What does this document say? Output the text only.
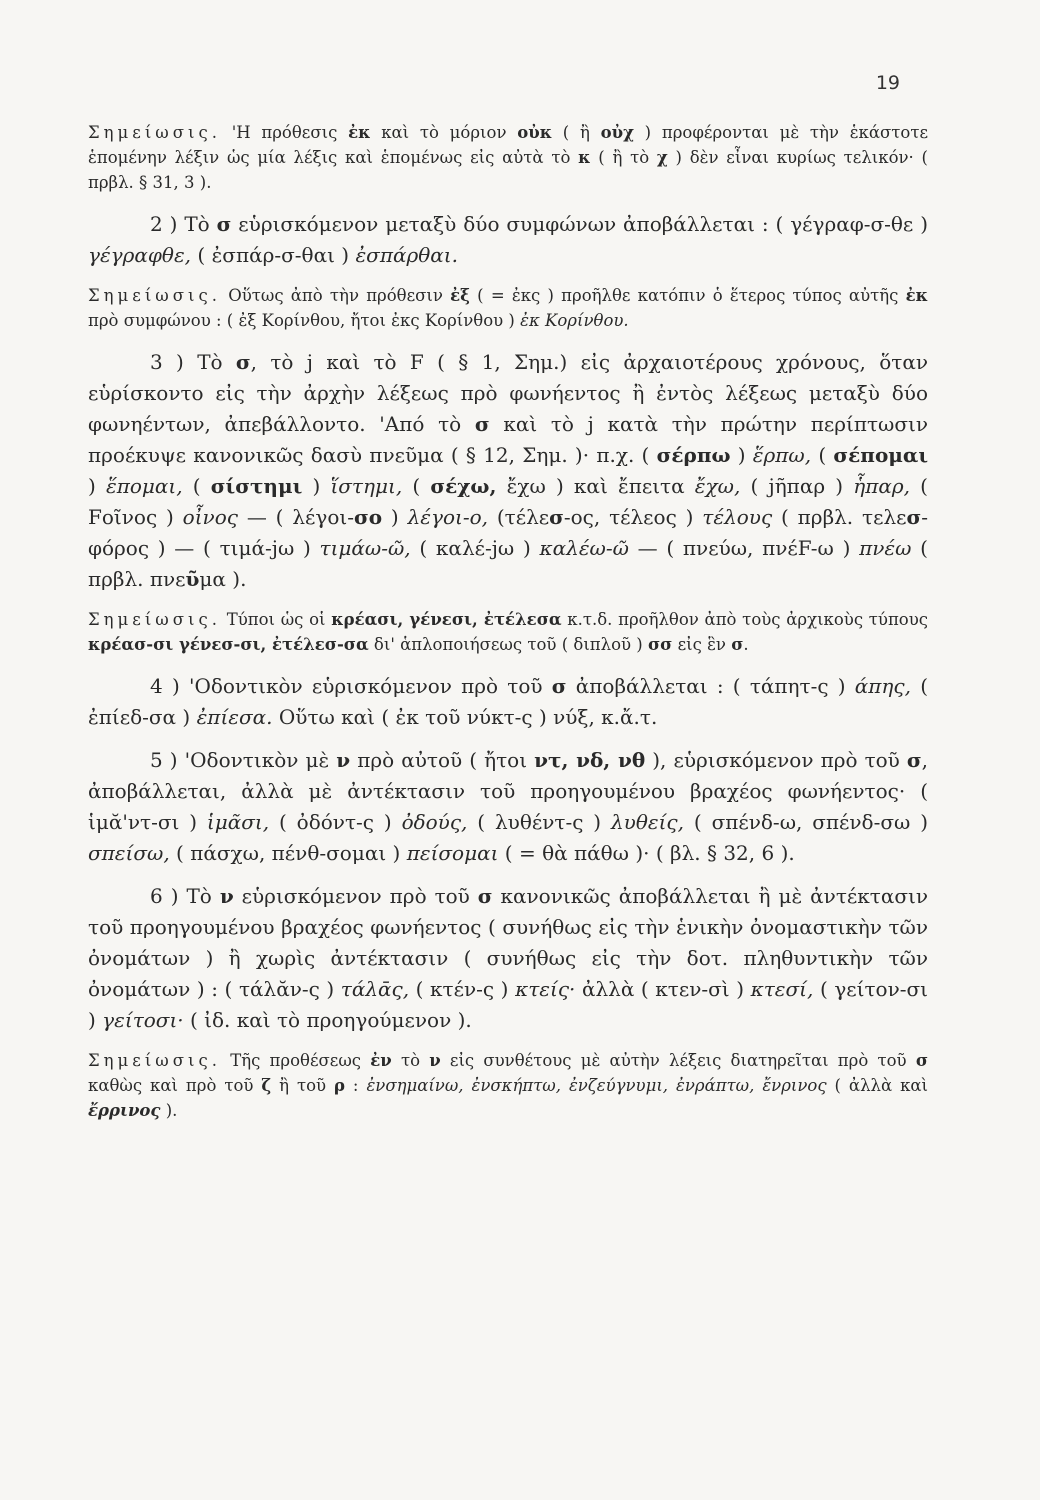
19

Σημείωσις. 'Η πρόθεσις ἐκ καὶ τὸ μόριον οὐκ ( ἢ οὐχ ) προφέρονται μὲ τὴν ἑκάστοτε ἑπομένην λέξιν ὡς μία λέξις καὶ ἑπομένως εἰς αὐτὰ τὸ κ ( ἢ τὸ χ ) δὲν εἶναι κυρίως τελικόν· ( πρβλ. § 31, 3 ).

2 ) Τὸ σ εὑρισκόμενον μεταξὺ δύο συμφώνων ἀποβάλλεται : ( γέγραφ-σ-θε ) γέγραφθε, ( ἐσπάρ-σ-θαι ) ἐσπάρθαι.

Σημείωσις. Οὕτως ἀπὸ τὴν πρόθεσιν ἐξ ( = ἐκς ) προῆλθε κατόπιν ὁ ἕτερος τύπος αὐτῆς ἐκ πρὸ συμφώνου : ( ἐξ Κορίνθου, ἤτοι ἐκς Κορίνθου ) ἐκ Κορίνθου.

3 ) Τὸ σ, τὸ j καὶ τὸ F ( § 1, Σημ.) εἰς ἀρχαιοτέρους χρόνους, ὅταν εὑρίσκοντο εἰς τὴν ἀρχὴν λέξεως πρὸ φωνήεντος ἢ ἐντὸς λέξεως μεταξὺ δύο φωνηέντων, ἀπεβάλλοντο. 'Από τὸ σ καὶ τὸ j κατὰ τὴν πρώτην περίπτωσιν προέκυψε κανονικῶς δασὺ πνεῦμα ( § 12, Σημ. )· π.χ. ( σέρπω ) ἕρπω, ( σέπομαι ) ἕπομαι, ( σίστημι ) ἵστημι, ( σέχω, ἔχω ) καὶ ἔπειτα ἔχω, ( jῆπαρ ) ἧπαρ, ( Fοῖνος ) οἶνος — ( λέγοι-σο ) λέγοι-ο, (τέλεσ-ος, τέλεος ) τέλους ( πρβλ. τελεσ-φόρος ) — ( τιμά-jω ) τιμάω-ῶ, ( καλέ-jω ) καλέω-ῶ — ( πνεύω, πνέF-ω ) πνέω ( πρβλ. πνεῦμα ).

Σημείωσις. Τύποι ὡς οἱ κρέασι, γένεσι, ἐτέλεσα κ.τ.δ. προῆλθον ἀπὸ τοὺς ἀρχικοὺς τύπους κρέασ-σι γένεσ-σι, ἐτέλεσ-σα δι' ἁπλοποιήσεως τοῦ ( διπλοῦ ) σσ εἰς ἓν σ.

4 ) 'Οδοντικὸν εὑρισκόμενον πρὸ τοῦ σ ἀποβάλλεται : ( τάπητ-ς ) άπης, ( ἐπίεδ-σα ) ἐπίεσα. Οὕτω καὶ ( ἐκ τοῦ νύκτ-ς ) νύξ, κ.ἄ.τ.

5 ) 'Οδοντικὸν μὲ ν πρὸ αὐτοῦ ( ἤτοι ντ, νδ, νθ ), εὑρισκόμενον πρὸ τοῦ σ, ἀποβάλλεται, ἀλλὰ μὲ ἀντέκτασιν τοῦ προηγουμένου βραχέος φωνήεντος· ( ἱμᾰ'ντ-σι ) ἱμᾶσι, ( ὀδόντ-ς ) ὀδούς, ( λυθέντ-ς ) λυθείς, ( σπένδ-ω, σπένδ-σω ) σπείσω, ( πάσχω, πένθ-σομαι ) πείσομαι ( = θὰ πάθω )· ( βλ. § 32, 6 ).

6 ) Τὸ ν εὑρισκόμενον πρὸ τοῦ σ κανονικῶς ἀποβάλλεται ἢ μὲ ἀντέκτασιν τοῦ προηγουμένου βραχέος φωνήεντος ( συνήθως εἰς τὴν ἑνικὴν ὀνομαστικὴν τῶν ὀνομάτων ) ἢ χωρὶς ἀντέκτασιν ( συνήθως εἰς τὴν δοτ. πληθυντικὴν τῶν ὀνομάτων ) : ( τάλᾰν-ς ) τάλᾱς, ( κτέν-ς ) κτείς· ἀλλὰ ( κτεν-σὶ ) κτεσί, ( γείτον-σι ) γείτοσι· ( ἰδ. καὶ τὸ προηγούμενον ).

Σημείωσις. Τῆς προθέσεως ἐν τὸ ν εἰς συνθέτους μὲ αὐτὴν λέξεις διατηρεῖται πρὸ τοῦ σ καθὼς καὶ πρὸ τοῦ ζ ἢ τοῦ ρ : ἐνσημαίνω, ἐνσκήπτω, ἐνζεύγνυμι, ἐνράπτω, ἔνρινος ( ἀλλὰ καὶ ἔρρινος ).
